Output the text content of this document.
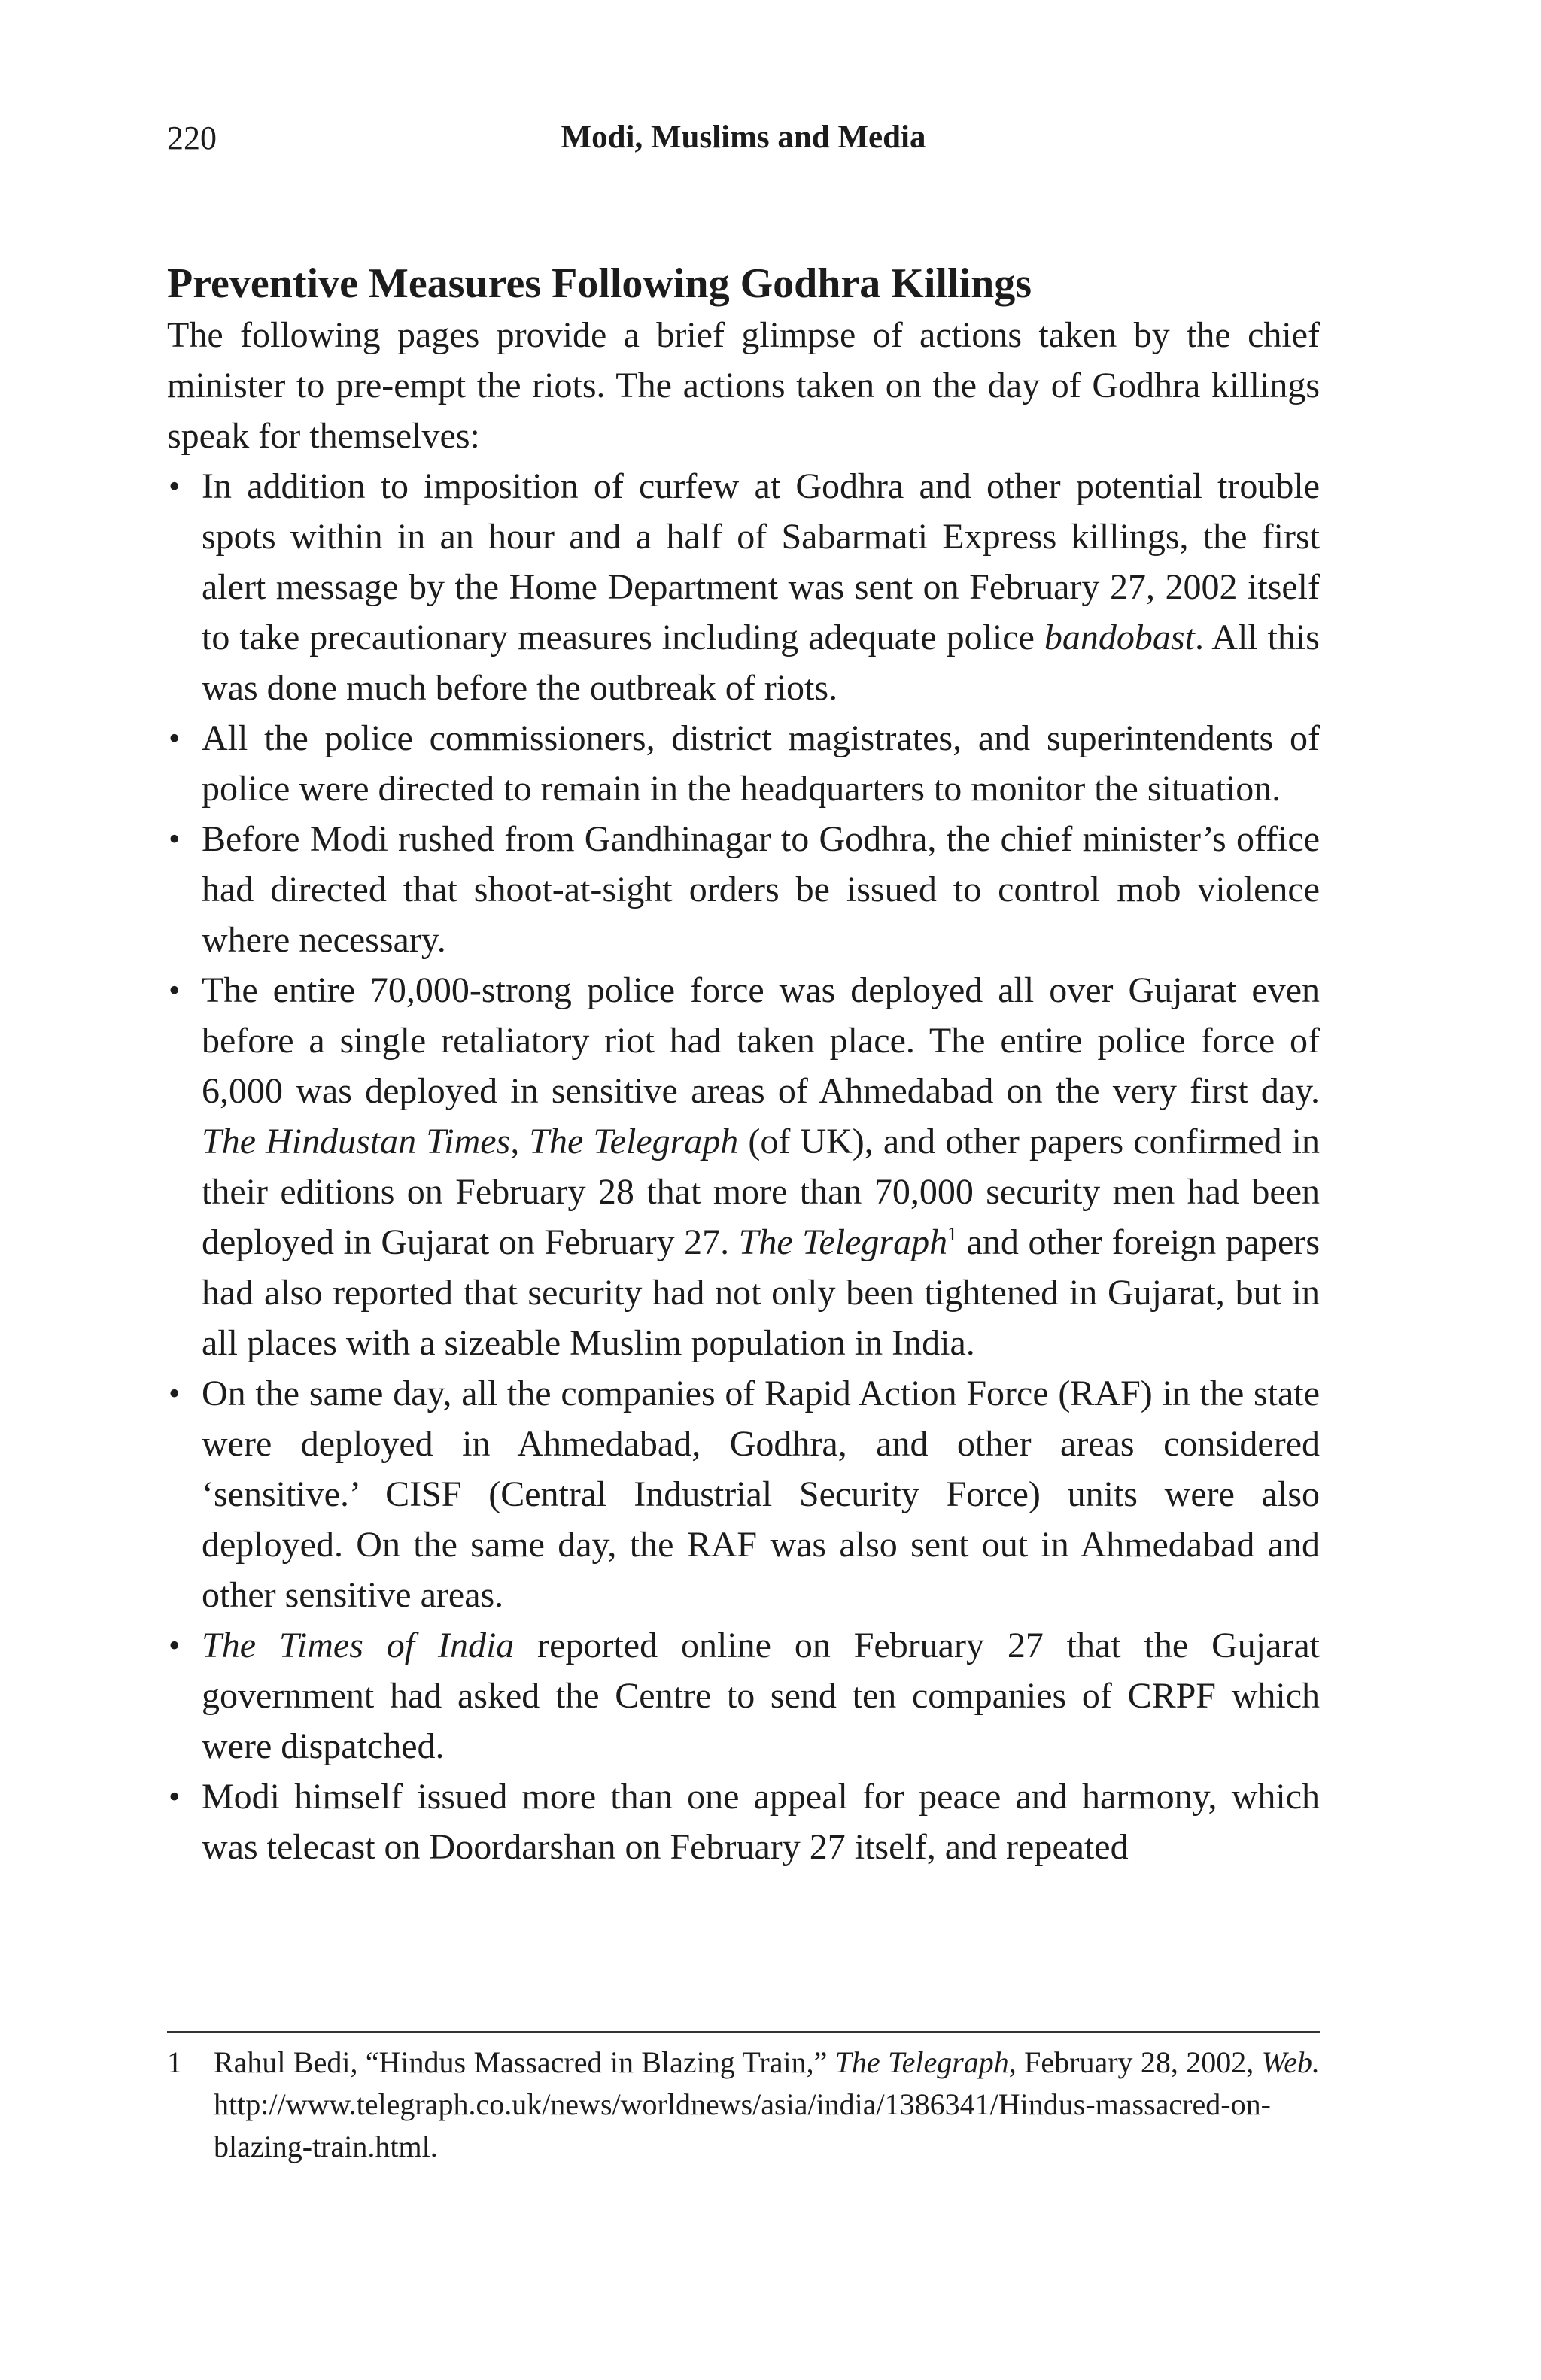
220	Modi, Muslims and Media
Preventive Measures Following Godhra Killings

The following pages provide a brief glimpse of actions taken by the chief minister to pre-empt the riots. The actions taken on the day of Godhra killings speak for themselves:

• In addition to imposition of curfew at Godhra and other potential trouble spots within in an hour and a half of Sabarmati Express killings, the first alert message by the Home Department was sent on February 27, 2002 itself to take precautionary measures including adequate police bandobast. All this was done much before the outbreak of riots.
• All the police commissioners, district magistrates, and superintendents of police were directed to remain in the headquarters to monitor the situation.
• Before Modi rushed from Gandhinagar to Godhra, the chief minister’s office had directed that shoot-at-sight orders be issued to control mob violence where necessary.
• The entire 70,000-strong police force was deployed all over Gujarat even before a single retaliatory riot had taken place. The entire police force of 6,000 was deployed in sensitive areas of Ahmedabad on the very first day. The Hindustan Times, The Telegraph (of UK), and other papers confirmed in their editions on February 28 that more than 70,000 security men had been deployed in Gujarat on February 27. The Telegraph$^1$ and other foreign papers had also reported that security had not only been tightened in Gujarat, but in all places with a sizeable Muslim population in India.
• On the same day, all the companies of Rapid Action Force (RAF) in the state were deployed in Ahmedabad, Godhra, and other areas considered ‘sensitive.’ CISF (Central Industrial Security Force) units were also deployed. On the same day, the RAF was also sent out in Ahmedabad and other sensitive areas.
• The Times of India reported online on February 27 that the Gujarat government had asked the Centre to send ten companies of CRPF which were dispatched.
• Modi himself issued more than one appeal for peace and harmony, which was telecast on Doordarshan on February 27 itself, and repeated
1 Rahul Bedi, “Hindus Massacred in Blazing Train,” The Telegraph, February 28, 2002, Web. http://www.telegraph.co.uk/news/worldnews/asia/india/1386341/Hindus-massacred-on-blazing-train.html.
